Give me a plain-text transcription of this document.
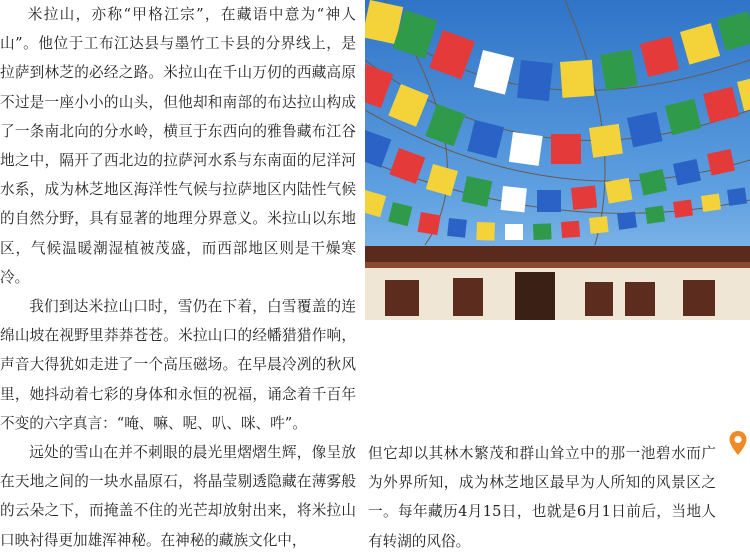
米拉山，亦称“甲格江宗”，在藏语中意为“神人山”。他位于工布江达县与墨竹工卡县的分界线上，是拉萨到林芝的必经之路。米拉山在千山万仞的西藏高原不过是一座小小的山头，但他却和南部的布达拉山构成了一条南北向的分水岭，横亘于东西向的雅鲁藏布江谷地之中，隔开了西北边的拉萨河水系与东南面的尼洋河水系，成为林芝地区海洋性气候与拉萨地区内陆性气候的自然分野，具有显著的地理分界意义。米拉山以东地区，气候温暖潮湿植被茂盛，而西部地区则是干燥寒冷。

我们到达米拉山口时，雪仍在下着，白雪覆盖的连绵山坡在视野里莽莽苍苍。米拉山口的经幡猎猎作响，声音大得犹如走进了一个高压磁场。在早晨冷冽的秋风里，她抖动着七彩的身体和永恒的祝福，诵念着千百年不变的六字真言：“唵、嘛、呢、叭、咪、吽”。

远处的雪山在并不刺眼的晨光里熠熠生辉，像呈放在天地之间的一块水晶原石，将晶莹剔透隐藏在薄雾般的云朵之下，而掩盖不住的光芒却放射出来，将米拉山口映衬得更加雄浑神秘。在神秘的藏族文化中，

但它却以其林木繁茂和群山耸立中的那一池碧水而广为外界所知，成为林芝地区最早为人所知的风景区之一。每年藏历4月15日，也就是6月1日前后，当地人有转湖的风俗。
